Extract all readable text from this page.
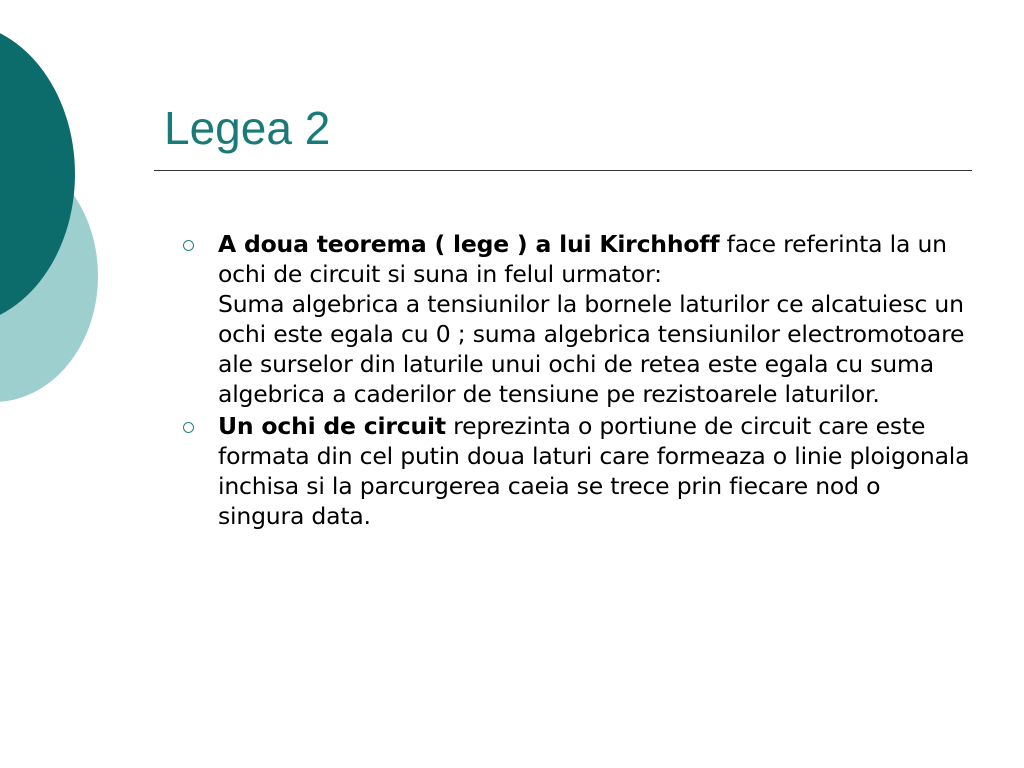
Legea 2
A doua teorema ( lege ) a lui Kirchhoff face referinta la un ochi de circuit si suna in felul urmator:
Suma algebrica a tensiunilor la bornele laturilor ce alcatuiesc un ochi este egala cu 0 ; suma algebrica tensiunilor electromotoare ale surselor din laturile unui ochi de retea este egala cu suma algebrica a caderilor de tensiune pe rezistoarele laturilor.
Un ochi de circuit reprezinta o portiune de circuit care este formata din cel putin doua laturi care formeaza o linie ploigonala inchisa si la parcurgerea caeia se trece prin fiecare nod o singura data.
